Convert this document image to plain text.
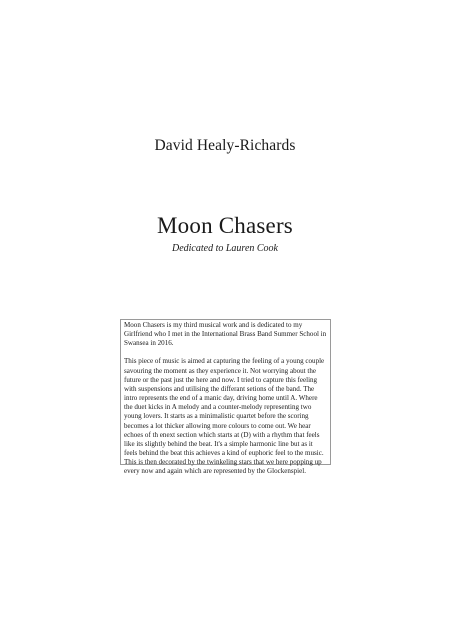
David Healy-Richards
Moon Chasers
Dedicated to Lauren Cook

Moon Chasers is my third musical work and is dedicated to my Girlfriend who I met in the International Brass Band Summer School in Swansea in 2016.

This piece of music is aimed at capturing the feeling of a young couple savouring the moment as they experience it. Not worrying about the future or the past just the here and now. I tried to capture this feeling with suspensions and utilising the differant setions of the band. The intro represents the end of a manic day, driving home until A. Where the duet kicks in A melody and a counter-melody representing two young lovers. It starts as a minimalistic quartet before the scoring becomes a lot thicker allowing more colours to come out. We hear echoes of th enext section which starts at (D) with a rhythm that feels like its slightly behind the beat. It's a simple harmonic line but as it feels behind the beat this achieves a kind of euphoric feel to the music. This is then decorated by the twinkeling stars that we here popping up every now and again which are represented by the Glockenspiel.
